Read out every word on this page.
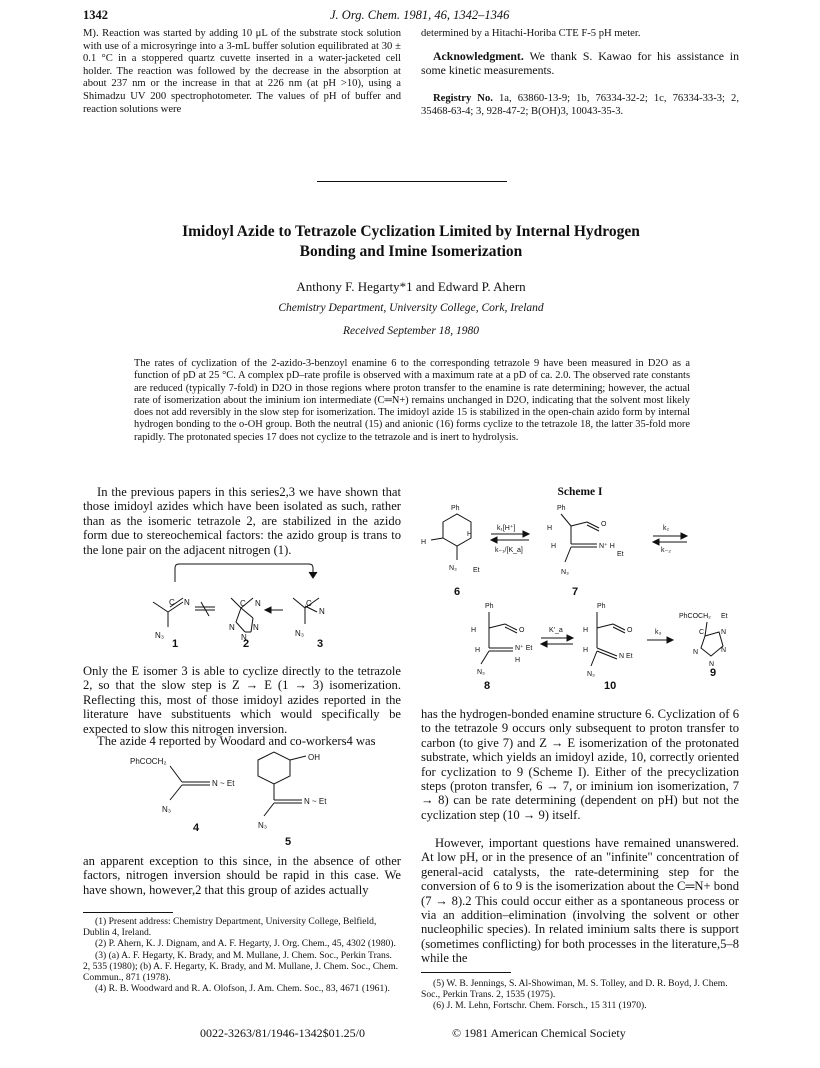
1342	J. Org. Chem. 1981, 46, 1342–1346
M). Reaction was started by adding 10 μL of the substrate stock solution with use of a microsyringe into a 3-mL buffer solution equilibrated at 30 ± 0.1 °C in a stoppered quartz cuvette inserted in a water-jacketed cell holder. The reaction was followed by the decrease in the absorption at about 237 nm or the increase in that at 226 nm (at pH >10), using a Shimadzu UV 200 spectrophotometer. The values of pH of buffer and reaction solutions were
determined by a Hitachi-Horiba CTE F-5 pH meter.
Acknowledgment. We thank S. Kawao for his assistance in some kinetic measurements.
Registry No. 1a, 63860-13-9; 1b, 76334-32-2; 1c, 76334-33-3; 2, 35468-63-4; 3, 928-47-2; B(OH)3, 10043-35-3.
Imidoyl Azide to Tetrazole Cyclization Limited by Internal Hydrogen
Bonding and Imine Isomerization
Anthony F. Hegarty*1 and Edward P. Ahern
Chemistry Department, University College, Cork, Ireland
Received September 18, 1980
The rates of cyclization of the 2-azido-3-benzoyl enamine 6 to the corresponding tetrazole 9 have been measured in D2O as a function of pD at 25 °C. A complex pD–rate profile is observed with a maximum rate at a pD of ca. 2.0. The observed rate constants are reduced (typically 7-fold) in D2O in those regions where proton transfer to the enamine is rate determining; however, the actual rate of isomerization about the iminium ion intermediate (C═N+) remains unchanged in D2O, indicating that the solvent most likely does not add reversibly in the slow step for isomerization. The imidoyl azide 15 is stabilized in the open-chain azido form by internal hydrogen bonding to the o-OH group. Both the neutral (15) and anionic (16) forms cyclize to the tetrazole 18, the latter 35-fold more rapidly. The protonated species 17 does not cyclize to the tetrazole and is inert to hydrolysis.
In the previous papers in this series2,3 we have shown that those imidoyl azides which have been isolated as such, rather than as the isomeric tetrazole 2, are stabilized in the azido form due to stereochemical factors: the azido group is trans to the lone pair on the adjacent nitrogen (1).
C N
N₃
C N
N
N
N
C
N
N₃
1	2	3
Only the E isomer 3 is able to cyclize directly to the tetrazole 2, so that the slow step is Z → E (1 → 3) isomerization. Reflecting this, most of those imidoyl azides reported in the literature have substituents which would specifically be expected to slow this nitrogen inversion.
The azide 4 reported by Woodard and co-workers4 was
PhCOCH₂
N ~ Et
N₃
OH
N ~ Et
N₃
4
5
an apparent exception to this since, in the absence of other factors, nitrogen inversion should be rapid in this case. We have shown, however,2 that this group of azides actually
(1) Present address: Chemistry Department, University College, Belfield, Dublin 4, Ireland.
(2) P. Ahern, K. J. Dignam, and A. F. Hegarty, J. Org. Chem., 45, 4302 (1980).
(3) (a) A. F. Hegarty, K. Brady, and M. Mullane, J. Chem. Soc., Perkin Trans. 2, 535 (1980); (b) A. F. Hegarty, K. Brady, and M. Mullane, J. Chem. Soc., Chem. Commun., 871 (1978).
(4) R. B. Woodward and R. A. Olofson, J. Am. Chem. Soc., 83, 4671 (1961).
Scheme I
Ph
H
H
N₃ Et
k₁[H⁺]
k₋₁/[K_a]
Ph
O
H
H	N⁺ H
Et
N₃
k₂
k₋₂
Ph
O
H
H	N⁺ Et
H
N₃
K′_a
Ph
O
H
H
N Et
N₃
k₃
PhCOCH₂ Et
C N
N
N
N
6	7
8	10
9
has the hydrogen-bonded enamine structure 6. Cyclization of 6 to the tetrazole 9 occurs only subsequent to proton transfer to carbon (to give 7) and Z → E isomerization of the protonated substrate, which yields an imidoyl azide, 10, correctly oriented for cyclization to 9 (Scheme I). Either of the precyclization steps (proton transfer, 6 → 7, or iminium ion isomerization, 7 → 8) can be rate determining (dependent on pH) but not the cyclization step (10 → 9) itself.
However, important questions have remained unanswered. At low pH, or in the presence of an "infinite" concentration of general-acid catalysts, the rate-determining step for the conversion of 6 to 9 is the isomerization about the C═N+ bond (7 → 8).2 This could occur either as a spontaneous process or via an addition–elimination (involving the solvent or other nucleophilic species). In related iminium salts there is support (sometimes conflicting) for both processes in the literature,5–8 while the
(5) W. B. Jennings, S. Al-Showiman, M. S. Tolley, and D. R. Boyd, J. Chem. Soc., Perkin Trans. 2, 1535 (1975).
(6) J. M. Lehn, Fortschr. Chem. Forsch., 15 311 (1970).
0022-3263/81/1946-1342$01.25/0	© 1981 American Chemical Society
